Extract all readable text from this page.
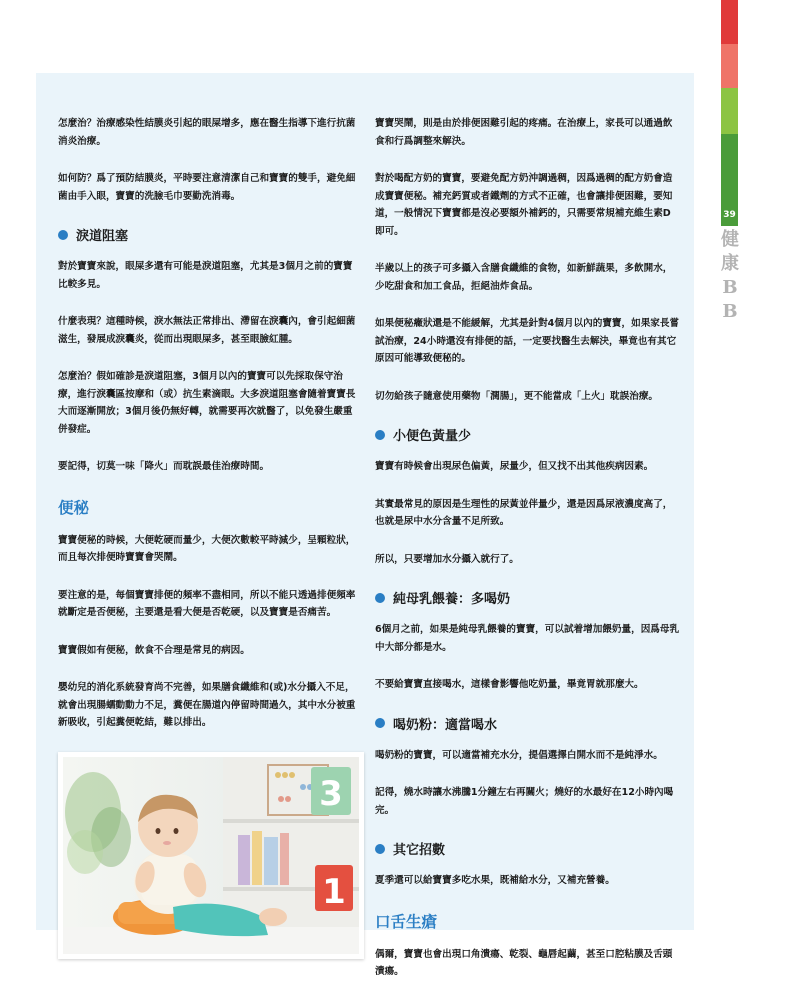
怎麼治？治療感染性結膜炎引起的眼屎增多，應在醫生指導下進行抗菌消炎治療。

如何防？爲了預防結膜炎，平時要注意清潔自己和寶寶的雙手，避免細菌由手入眼，寶寶的洗臉毛巾要勤洗消毒。

淚道阻塞

對於寶寶來說，眼屎多還有可能是淚道阻塞，尤其是3個月之前的寶寶比較多見。

什麼表現？這種時候，淚水無法正常排出、滯留在淚囊內，會引起細菌滋生，發展成淚囊炎，從而出現眼屎多，甚至眼臉紅腫。

怎麼治？假如確診是淚道阻塞，3個月以內的寶寶可以先採取保守治療，進行淚囊區按摩和（或）抗生素滴眼。大多淚道阻塞會隨着寶寶長大而逐漸開放；3個月後仍無好轉，就需要再次就醫了，以免發生嚴重併發症。

要記得，切莫一味「降火」而耽誤最佳治療時間。

便秘

寶寶便秘的時候，大便乾硬而量少，大便次數較平時減少，呈顆粒狀，而且每次排便時寶寶會哭鬧。

要注意的是，每個寶寶排便的頻率不盡相同，所以不能只透過排便頻率就斷定是否便秘，主要還是看大便是否乾硬，以及寶寶是否痛苦。

寶寶假如有便秘，飲食不合理是常見的病因。

嬰幼兒的消化系統發育尚不完善，如果膳食纖維和(或)水分攝入不足，就會出現腸蠕動動力不足，糞便在腸道內停留時間過久，其中水分被重新吸收，引起糞便乾結，難以排出。

3
1

寶寶哭鬧，則是由於排便困難引起的疼痛。在治療上，家長可以通過飲食和行爲調整來解決。

對於喝配方奶的寶寶，要避免配方奶沖調過稠，因爲過稠的配方奶會造成寶寶便秘。補充鈣質或者鐵劑的方式不正確，也會讓排便困難，要知道，一般情況下寶寶都是沒必要額外補鈣的，只需要常規補充維生素D即可。

半歲以上的孩子可多攝入含膳食纖維的食物，如新鮮蔬果，多飲開水，少吃甜食和加工食品，拒絕油炸食品。

如果便秘癥狀還是不能緩解，尤其是針對4個月以內的寶寶，如果家長嘗試治療，24小時還沒有排便的話，一定要找醫生去解決，畢竟也有其它原因可能導致便秘的。

切勿給孩子隨意使用藥物「潤腸」，更不能當成「上火」耽誤治療。

小便色黃量少

寶寶有時候會出現尿色偏黃，尿量少，但又找不出其他疾病因素。

其實最常見的原因是生理性的尿黃並伴量少，還是因爲尿液濃度高了，也就是尿中水分含量不足所致。

所以，只要增加水分攝入就行了。

純母乳餵養：多喝奶

6個月之前，如果是純母乳餵養的寶寶，可以試着增加餵奶量，因爲母乳中大部分都是水。

不要給寶寶直接喝水，這樣會影響他吃奶量，畢竟胃就那麼大。

喝奶粉：適當喝水

喝奶粉的寶寶，可以適當補充水分，提倡選擇白開水而不是純淨水。

記得，燒水時讓水沸騰1分鐘左右再關火；燒好的水最好在12小時內喝完。

其它招數

夏季還可以給寶寶多吃水果，既補給水分，又補充營養。

口舌生瘡

偶爾，寶寶也會出現口角潰瘍、乾裂、龜唇起繭，甚至口腔粘膜及舌頭潰瘍。

39
健
康
B
B
